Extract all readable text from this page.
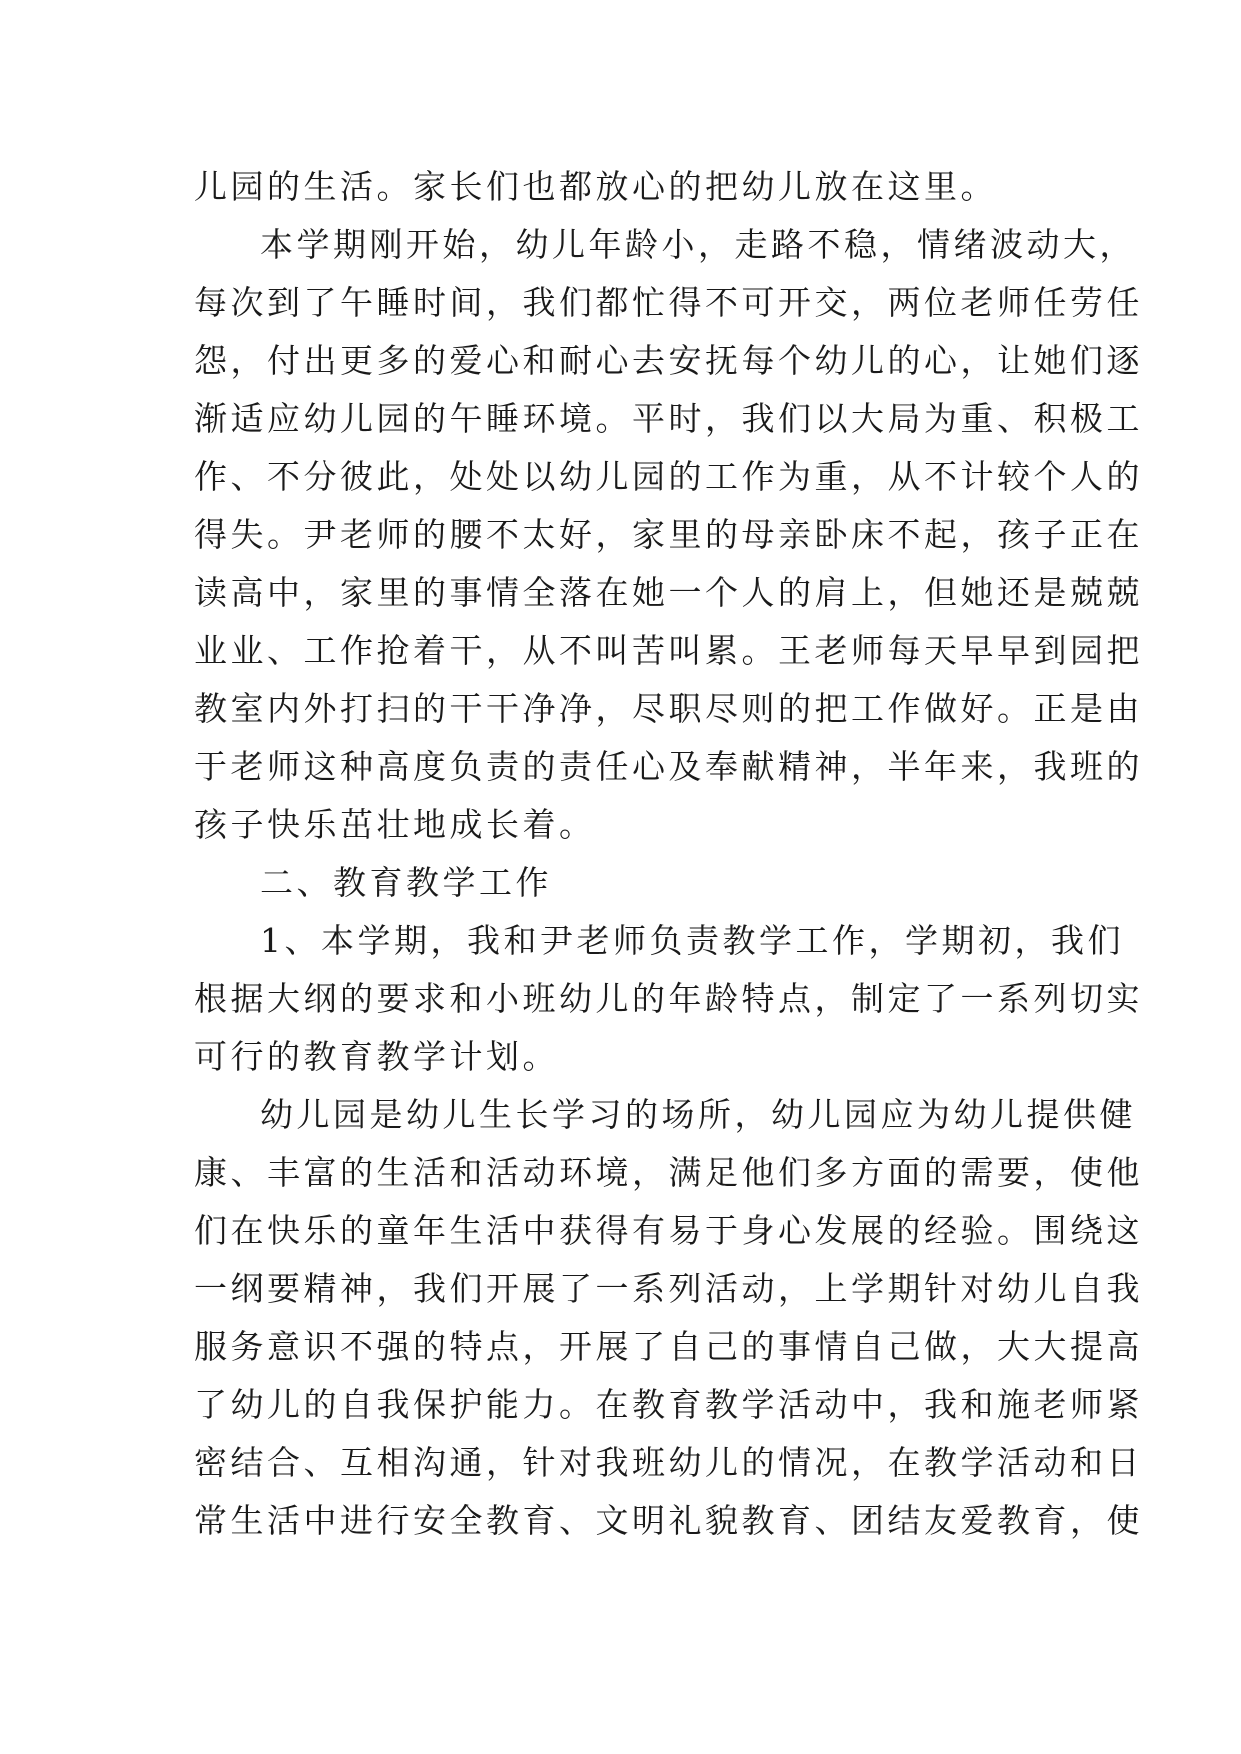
儿园的生活。家长们也都放心的把幼儿放在这里。
本学期刚开始，幼儿年龄小，走路不稳，情绪波动大，
每次到了午睡时间，我们都忙得不可开交，两位老师任劳任
怨，付出更多的爱心和耐心去安抚每个幼儿的心，让她们逐
渐适应幼儿园的午睡环境。平时，我们以大局为重、积极工
作、不分彼此，处处以幼儿园的工作为重，从不计较个人的
得失。尹老师的腰不太好，家里的母亲卧床不起，孩子正在
读高中，家里的事情全落在她一个人的肩上，但她还是兢兢
业业、工作抢着干，从不叫苦叫累。王老师每天早早到园把
教室内外打扫的干干净净，尽职尽则的把工作做好。正是由
于老师这种高度负责的责任心及奉献精神，半年来，我班的
孩子快乐茁壮地成长着。
二、教育教学工作
1、本学期，我和尹老师负责教学工作，学期初，我们
根据大纲的要求和小班幼儿的年龄特点，制定了一系列切实
可行的教育教学计划。
幼儿园是幼儿生长学习的场所，幼儿园应为幼儿提供健
康、丰富的生活和活动环境，满足他们多方面的需要，使他
们在快乐的童年生活中获得有易于身心发展的经验。围绕这
一纲要精神，我们开展了一系列活动，上学期针对幼儿自我
服务意识不强的特点，开展了自己的事情自己做，大大提高
了幼儿的自我保护能力。在教育教学活动中，我和施老师紧
密结合、互相沟通，针对我班幼儿的情况，在教学活动和日
常生活中进行安全教育、文明礼貌教育、团结友爱教育，使
